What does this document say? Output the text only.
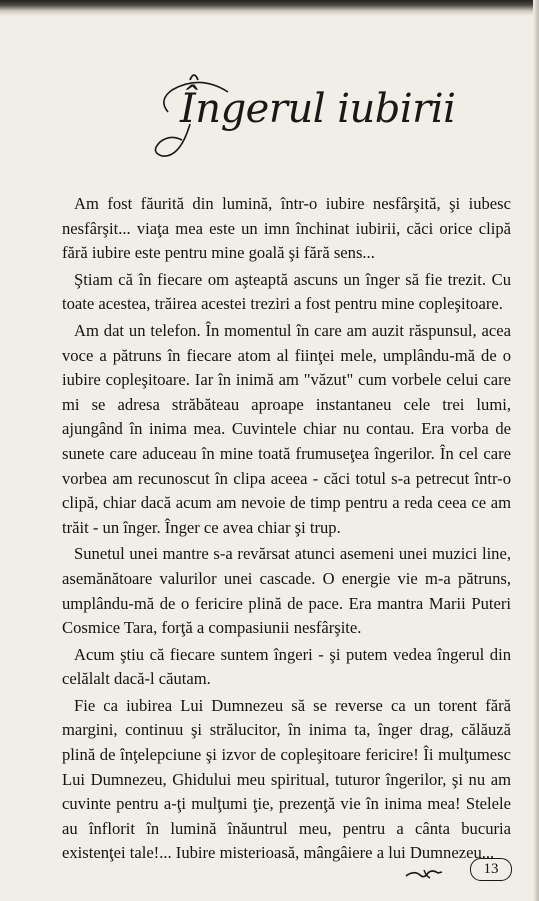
Îngerul iubirii

Am fost făurită din lumină, într-o iubire nesfârşită, şi iubesc nesfârşit... viaţa mea este un imn închinat iubirii, căci orice clipă fără iubire este pentru mine goală şi fără sens...

Ştiam că în fiecare om aşteaptă ascuns un înger să fie trezit. Cu toate acestea, trăirea acestei treziri a fost pentru mine copleşitoare.

Am dat un telefon. În momentul în care am auzit răspunsul, acea voce a pătruns în fiecare atom al fiinţei mele, umplându-mă de o iubire copleşitoare. Iar în inimă am "văzut" cum vorbele celui care mi se adresa străbăteau aproape instantaneu cele trei lumi, ajungând în inima mea. Cuvintele chiar nu contau. Era vorba de sunete care aduceau în mine toată frumuseţea îngerilor. În cel care vorbea am recunoscut în clipa aceea - căci totul s-a petrecut într-o clipă, chiar dacă acum am nevoie de timp pentru a reda ceea ce am trăit - un înger. Înger ce avea chiar şi trup.

Sunetul unei mantre s-a revărsat atunci asemeni unei muzici line, asemănătoare valurilor unei cascade. O energie vie m-a pătruns, umplându-mă de o fericire plină de pace. Era mantra Marii Puteri Cosmice Tara, forţă a compasiunii nesfârşite.

Acum ştiu că fiecare suntem îngeri - şi putem vedea îngerul din celălalt dacă-l căutam.

Fie ca iubirea Lui Dumnezeu să se reverse ca un torent fără margini, continuu şi strălucitor, în inima ta, înger drag, călăuză plină de înţelepciune şi izvor de copleşitoare fericire! Îi mulţumesc Lui Dumnezeu, Ghidului meu spiritual, tuturor îngerilor, şi nu am cuvinte pentru a-ţi mulţumi ţie, prezenţă vie în inima mea! Stelele au înflorit în lumină înăuntrul meu, pentru a cânta bucuria existenţei tale!... Iubire misterioasă, mângâiere a lui Dumnezeu...

13
